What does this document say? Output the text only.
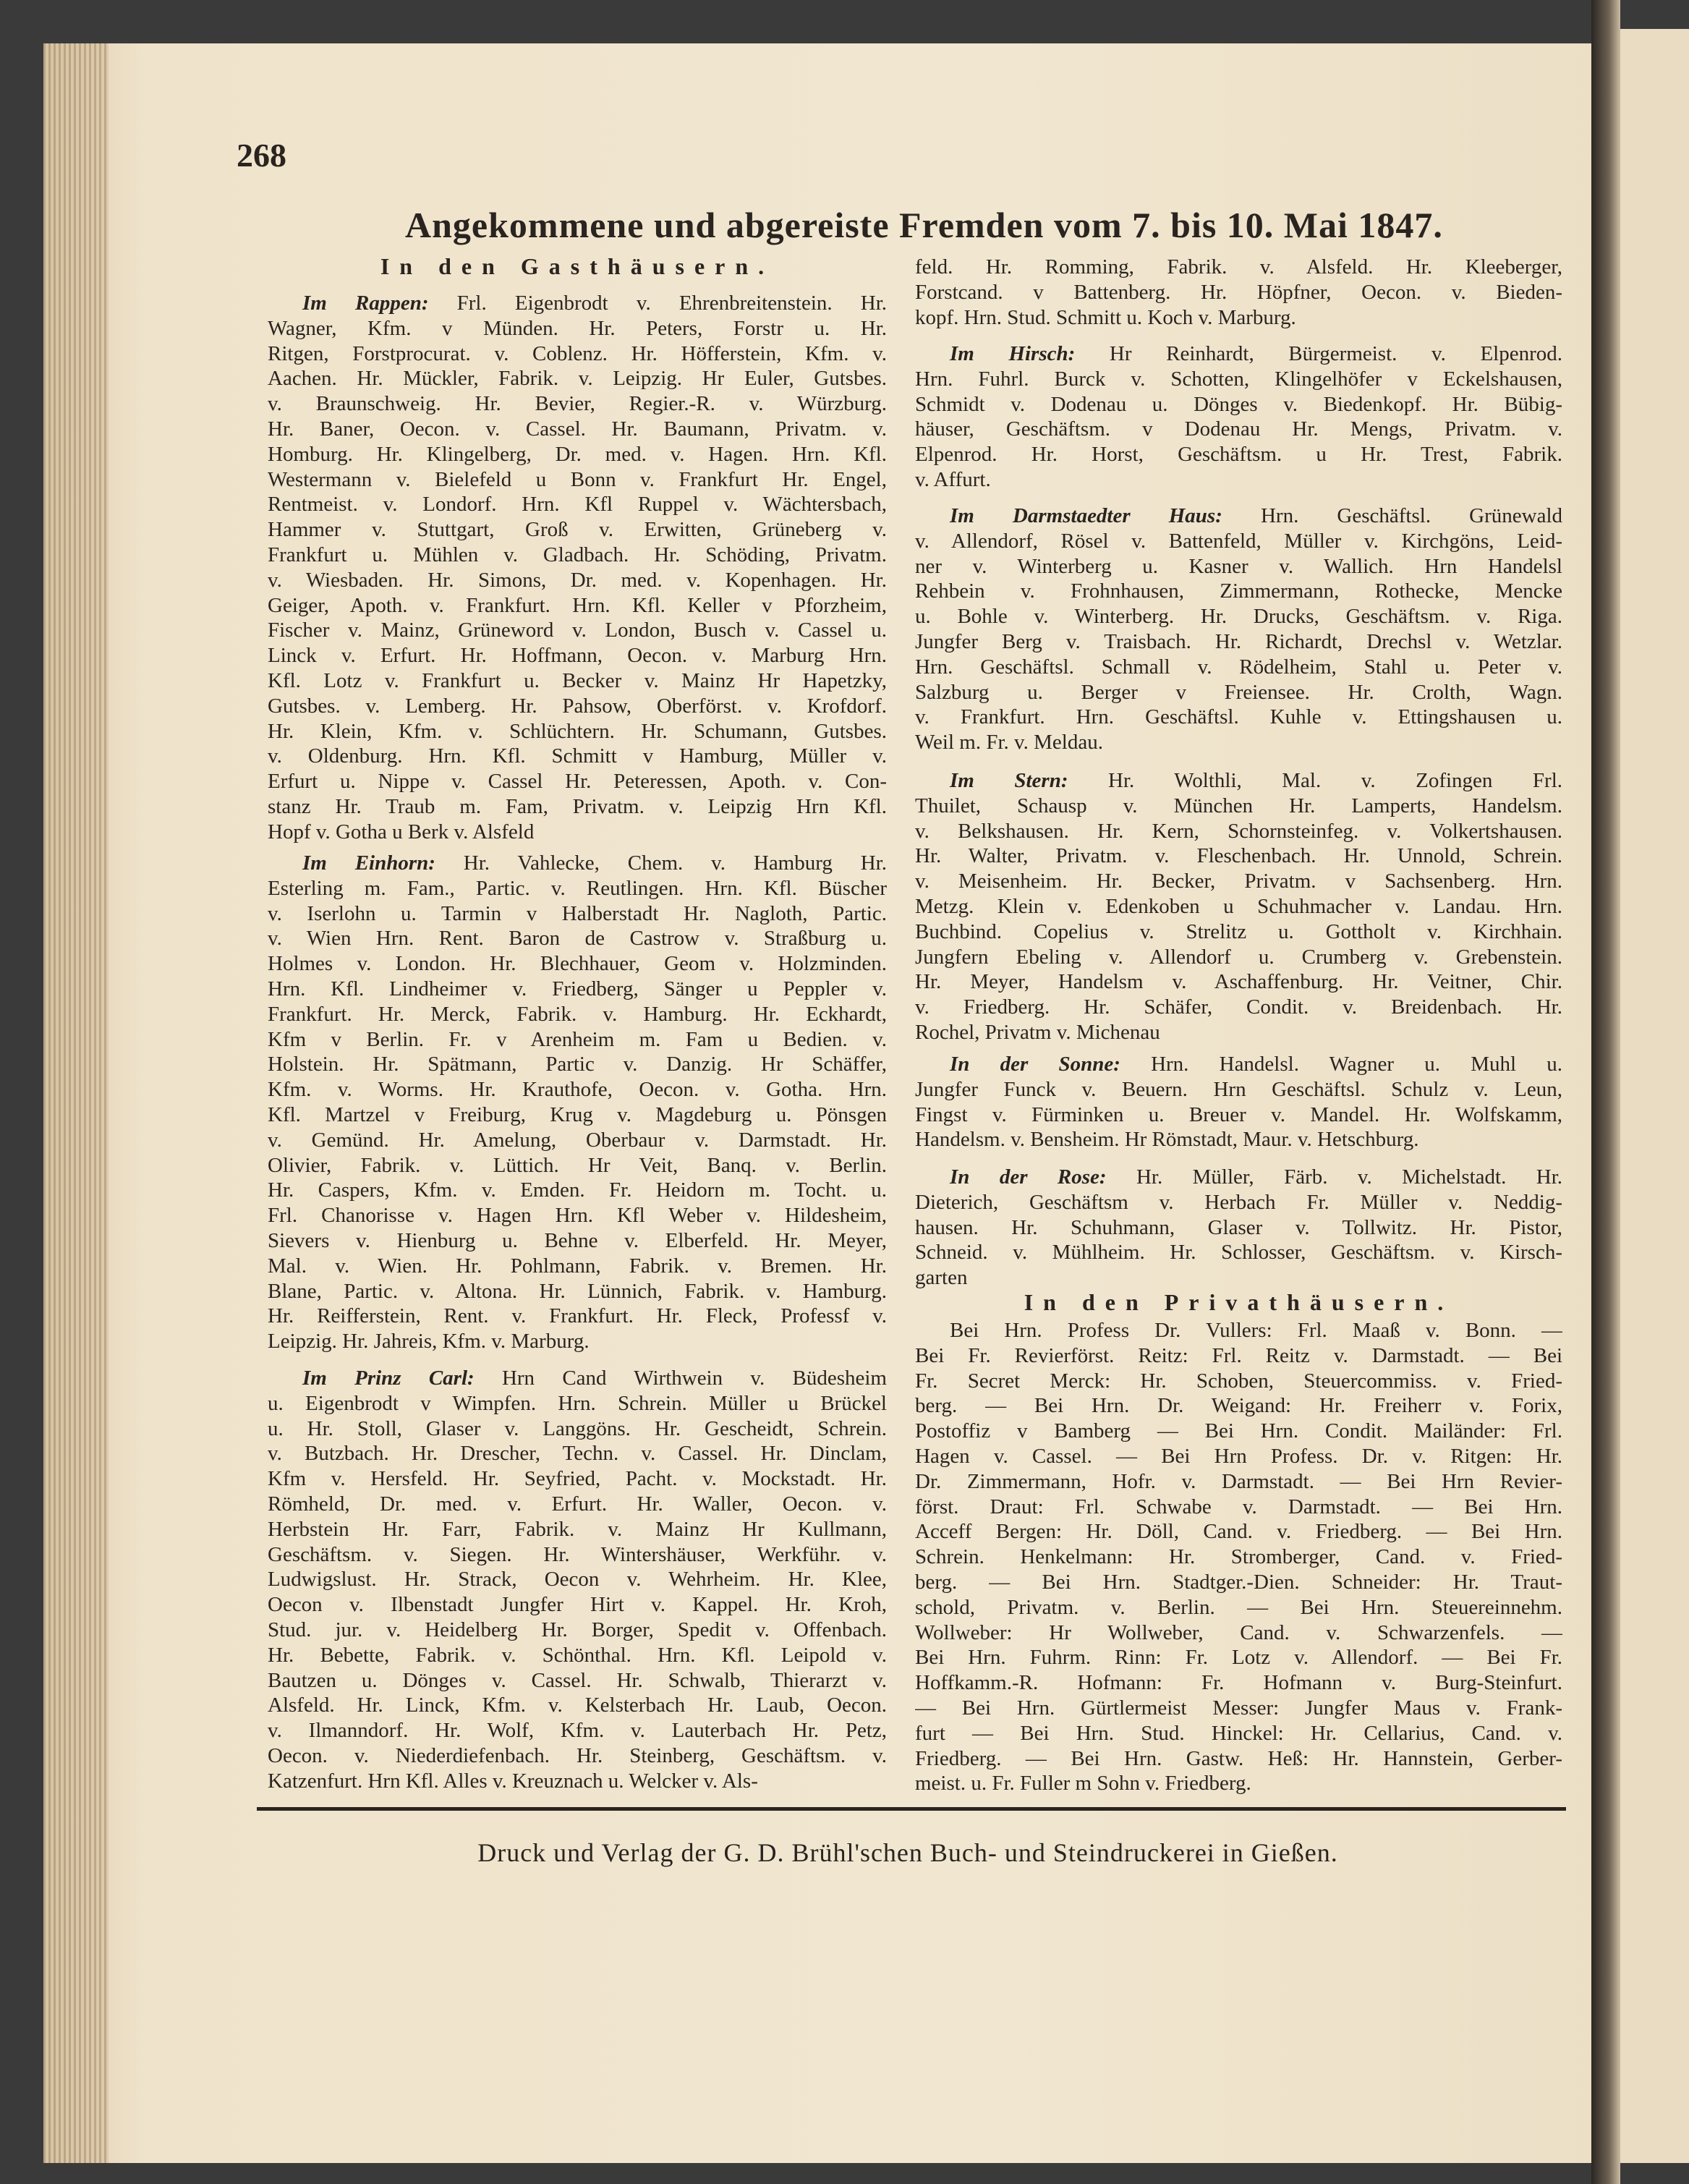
268
Angekommene und abgereiste Fremden vom 7. bis 10. Mai 1847.
In den Gasthäusern.
Im Rappen: Frl. Eigenbrodt v. Ehrenbreitenstein. Hr.
Wagner, Kfm. v Münden. Hr. Peters, Forstr u. Hr.
Ritgen, Forstprocurat. v. Coblenz. Hr. Höfferstein, Kfm. v.
Aachen. Hr. Mückler, Fabrik. v. Leipzig. Hr Euler, Gutsbes.
v. Braunschweig. Hr. Bevier, Regier.-R. v. Würzburg.
Hr. Baner, Oecon. v. Cassel. Hr. Baumann, Privatm. v.
Homburg. Hr. Klingelberg, Dr. med. v. Hagen. Hrn. Kfl.
Westermann v. Bielefeld u Bonn v. Frankfurt Hr. Engel,
Rentmeist. v. Londorf. Hrn. Kfl Ruppel v. Wächtersbach,
Hammer v. Stuttgart, Groß v. Erwitten, Grüneberg v.
Frankfurt u. Mühlen v. Gladbach. Hr. Schöding, Privatm.
v. Wiesbaden. Hr. Simons, Dr. med. v. Kopenhagen. Hr.
Geiger, Apoth. v. Frankfurt. Hrn. Kfl. Keller v Pforzheim,
Fischer v. Mainz, Grüneword v. London, Busch v. Cassel u.
Linck v. Erfurt. Hr. Hoffmann, Oecon. v. Marburg Hrn.
Kfl. Lotz v. Frankfurt u. Becker v. Mainz Hr Hapetzky,
Gutsbes. v. Lemberg. Hr. Pahsow, Oberförst. v. Krofdorf.
Hr. Klein, Kfm. v. Schlüchtern. Hr. Schumann, Gutsbes.
v. Oldenburg. Hrn. Kfl. Schmitt v Hamburg, Müller v.
Erfurt u. Nippe v. Cassel Hr. Peteressen, Apoth. v. Con-
stanz Hr. Traub m. Fam, Privatm. v. Leipzig Hrn Kfl.
Hopf v. Gotha u Berk v. Alsfeld
Im Einhorn: Hr. Vahlecke, Chem. v. Hamburg Hr.
Esterling m. Fam., Partic. v. Reutlingen. Hrn. Kfl. Büscher
v. Iserlohn u. Tarmin v Halberstadt Hr. Nagloth, Partic.
v. Wien Hrn. Rent. Baron de Castrow v. Straßburg u.
Holmes v. London. Hr. Blechhauer, Geom v. Holzminden.
Hrn. Kfl. Lindheimer v. Friedberg, Sänger u Peppler v.
Frankfurt. Hr. Merck, Fabrik. v. Hamburg. Hr. Eckhardt,
Kfm v Berlin. Fr. v Arenheim m. Fam u Bedien. v.
Holstein. Hr. Spätmann, Partic v. Danzig. Hr Schäffer,
Kfm. v. Worms. Hr. Krauthofe, Oecon. v. Gotha. Hrn.
Kfl. Martzel v Freiburg, Krug v. Magdeburg u. Pönsgen
v. Gemünd. Hr. Amelung, Oberbaur v. Darmstadt. Hr.
Olivier, Fabrik. v. Lüttich. Hr Veit, Banq. v. Berlin.
Hr. Caspers, Kfm. v. Emden. Fr. Heidorn m. Tocht. u.
Frl. Chanorisse v. Hagen Hrn. Kfl Weber v. Hildesheim,
Sievers v. Hienburg u. Behne v. Elberfeld. Hr. Meyer,
Mal. v. Wien. Hr. Pohlmann, Fabrik. v. Bremen. Hr.
Blane, Partic. v. Altona. Hr. Lünnich, Fabrik. v. Hamburg.
Hr. Reifferstein, Rent. v. Frankfurt. Hr. Fleck, Professf v.
Leipzig. Hr. Jahreis, Kfm. v. Marburg.
Im Prinz Carl: Hrn Cand Wirthwein v. Büdesheim
u. Eigenbrodt v Wimpfen. Hrn. Schrein. Müller u Brückel
u. Hr. Stoll, Glaser v. Langgöns. Hr. Gescheidt, Schrein.
v. Butzbach. Hr. Drescher, Techn. v. Cassel. Hr. Dinclam,
Kfm v. Hersfeld. Hr. Seyfried, Pacht. v. Mockstadt. Hr.
Römheld, Dr. med. v. Erfurt. Hr. Waller, Oecon. v.
Herbstein Hr. Farr, Fabrik. v. Mainz Hr Kullmann,
Geschäftsm. v. Siegen. Hr. Wintershäuser, Werkführ. v.
Ludwigslust. Hr. Strack, Oecon v. Wehrheim. Hr. Klee,
Oecon v. Ilbenstadt Jungfer Hirt v. Kappel. Hr. Kroh,
Stud. jur. v. Heidelberg Hr. Borger, Spedit v. Offenbach.
Hr. Bebette, Fabrik. v. Schönthal. Hrn. Kfl. Leipold v.
Bautzen u. Dönges v. Cassel. Hr. Schwalb, Thierarzt v.
Alsfeld. Hr. Linck, Kfm. v. Kelsterbach Hr. Laub, Oecon.
v. Ilmanndorf. Hr. Wolf, Kfm. v. Lauterbach Hr. Petz,
Oecon. v. Niederdiefenbach. Hr. Steinberg, Geschäftsm. v.
Katzenfurt. Hrn Kfl. Alles v. Kreuznach u. Welcker v. Als-
feld. Hr. Romming, Fabrik. v. Alsfeld. Hr. Kleeberger,
Forstcand. v Battenberg. Hr. Höpfner, Oecon. v. Bieden-
kopf. Hrn. Stud. Schmitt u. Koch v. Marburg.
Im Hirsch: Hr Reinhardt, Bürgermeist. v. Elpenrod.
Hrn. Fuhrl. Burck v. Schotten, Klingelhöfer v Eckelshausen,
Schmidt v. Dodenau u. Dönges v. Biedenkopf. Hr. Bübig-
häuser, Geschäftsm. v Dodenau Hr. Mengs, Privatm. v.
Elpenrod. Hr. Horst, Geschäftsm. u Hr. Trest, Fabrik.
v. Affurt.
Im Darmstaedter Haus: Hrn. Geschäftsl. Grünewald
v. Allendorf, Rösel v. Battenfeld, Müller v. Kirchgöns, Leid-
ner v. Winterberg u. Kasner v. Wallich. Hrn Handelsl
Rehbein v. Frohnhausen, Zimmermann, Rothecke, Mencke
u. Bohle v. Winterberg. Hr. Drucks, Geschäftsm. v. Riga.
Jungfer Berg v. Traisbach. Hr. Richardt, Drechsl v. Wetzlar.
Hrn. Geschäftsl. Schmall v. Rödelheim, Stahl u. Peter v.
Salzburg u. Berger v Freiensee. Hr. Crolth, Wagn.
v. Frankfurt. Hrn. Geschäftsl. Kuhle v. Ettingshausen u.
Weil m. Fr. v. Meldau.
Im Stern: Hr. Wolthli, Mal. v. Zofingen Frl.
Thuilet, Schausp v. München Hr. Lamperts, Handelsm.
v. Belkshausen. Hr. Kern, Schornsteinfeg. v. Volkertshausen.
Hr. Walter, Privatm. v. Fleschenbach. Hr. Unnold, Schrein.
v. Meisenheim. Hr. Becker, Privatm. v Sachsenberg. Hrn.
Metzg. Klein v. Edenkoben u Schuhmacher v. Landau. Hrn.
Buchbind. Copelius v. Strelitz u. Gottholt v. Kirchhain.
Jungfern Ebeling v. Allendorf u. Crumberg v. Grebenstein.
Hr. Meyer, Handelsm v. Aschaffenburg. Hr. Veitner, Chir.
v. Friedberg. Hr. Schäfer, Condit. v. Breidenbach. Hr.
Rochel, Privatm v. Michenau
In der Sonne: Hrn. Handelsl. Wagner u. Muhl u.
Jungfer Funck v. Beuern. Hrn Geschäftsl. Schulz v. Leun,
Fingst v. Fürminken u. Breuer v. Mandel. Hr. Wolfskamm,
Handelsm. v. Bensheim. Hr Römstadt, Maur. v. Hetschburg.
In der Rose: Hr. Müller, Färb. v. Michelstadt. Hr.
Dieterich, Geschäftsm v. Herbach Fr. Müller v. Neddig-
hausen. Hr. Schuhmann, Glaser v. Tollwitz. Hr. Pistor,
Schneid. v. Mühlheim. Hr. Schlosser, Geschäftsm. v. Kirsch-
garten
In den Privathäusern.
Bei Hrn. Profess Dr. Vullers: Frl. Maaß v. Bonn. —
Bei Fr. Revierförst. Reitz: Frl. Reitz v. Darmstadt. — Bei
Fr. Secret Merck: Hr. Schoben, Steuercommiss. v. Fried-
berg. — Bei Hrn. Dr. Weigand: Hr. Freiherr v. Forix,
Postoffiz v Bamberg — Bei Hrn. Condit. Mailänder: Frl.
Hagen v. Cassel. — Bei Hrn Profess. Dr. v. Ritgen: Hr.
Dr. Zimmermann, Hofr. v. Darmstadt. — Bei Hrn Revier-
först. Draut: Frl. Schwabe v. Darmstadt. — Bei Hrn.
Acceff Bergen: Hr. Döll, Cand. v. Friedberg. — Bei Hrn.
Schrein. Henkelmann: Hr. Stromberger, Cand. v. Fried-
berg. — Bei Hrn. Stadtger.-Dien. Schneider: Hr. Traut-
schold, Privatm. v. Berlin. — Bei Hrn. Steuereinnehm.
Wollweber: Hr Wollweber, Cand. v. Schwarzenfels. —
Bei Hrn. Fuhrm. Rinn: Fr. Lotz v. Allendorf. — Bei Fr.
Hoffkamm.-R. Hofmann: Fr. Hofmann v. Burg-Steinfurt.
— Bei Hrn. Gürtlermeist Messer: Jungfer Maus v. Frank-
furt — Bei Hrn. Stud. Hinckel: Hr. Cellarius, Cand. v.
Friedberg. — Bei Hrn. Gastw. Heß: Hr. Hannstein, Gerber-
meist. u. Fr. Fuller m Sohn v. Friedberg.
Druck und Verlag der G. D. Brühl'schen Buch- und Steindruckerei in Gießen.
